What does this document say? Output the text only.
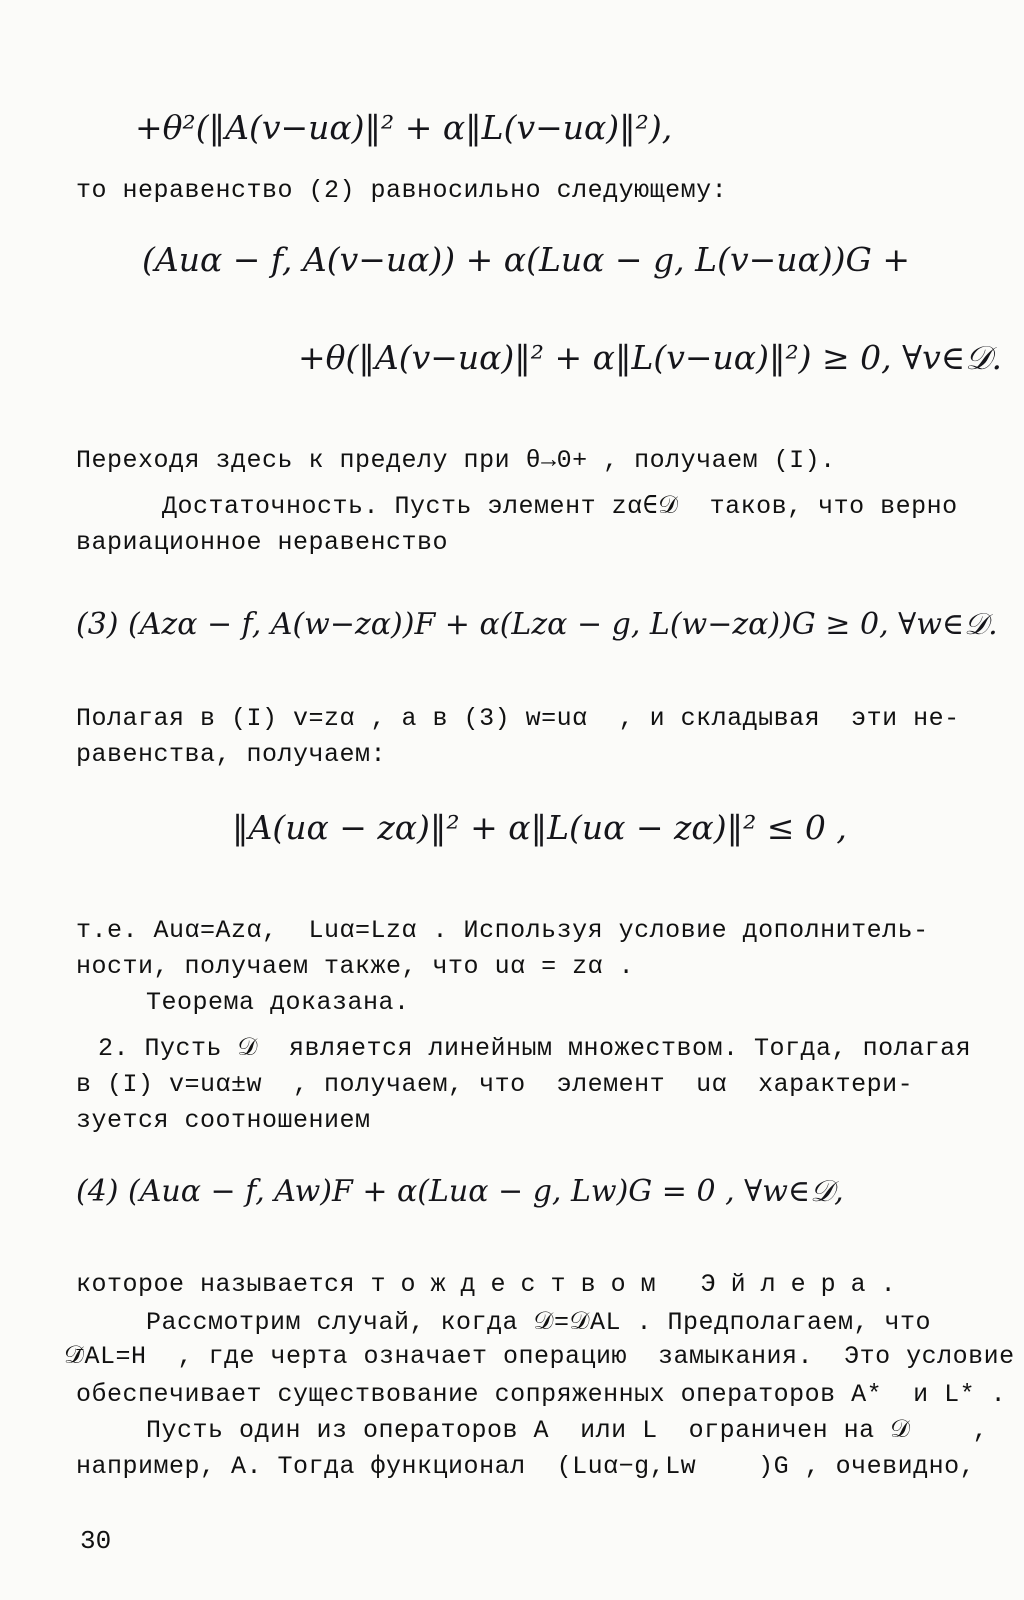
+θ²(‖A(v−uα)‖² + α‖L(v−uα)‖²),
то неравенство (2) равносильно следующему:
(Auα − f, A(v−uα)) + α(Luα − g, L(v−uα))G +
+θ(‖A(v−uα)‖² + α‖L(v−uα)‖²) ≥ 0, ∀v∈𝒟.
Переходя здесь к пределу при θ→0+ , получаем (I).
Достаточность. Пусть элемент zα∈𝒟  таков, что верно
вариационное неравенство
(3) (Azα − f, A(w−zα))F + α(Lzα − g, L(w−zα))G ≥ 0, ∀w∈𝒟.
Полагая в (I) v=zα , а в (3) w=uα  , и складывая  эти не-
равенства, получаем:
‖A(uα − zα)‖² + α‖L(uα − zα)‖² ≤ 0 ,
т.е. Auα=Azα,  Luα=Lzα . Используя условие дополнитель-
ности, получаем также, что uα = zα .
Теорема доказана.
2. Пусть 𝒟  является линейным множеством. Тогда, полагая
в (I) v=uα±w  , получаем, что  элемент  uα  характери-
зуется соотношением
(4) (Auα − f, Aw)F + α(Luα − g, Lw)G = 0 , ∀w∈𝒟,
которое называется тождеством Эйлера.
Рассмотрим случай, когда 𝒟=𝒟AL . Предполагаем, что
𝒟̄AL=H  , где черта означает операцию  замыкания.  Это условие
обеспечивает существование сопряженных операторов A*  и L* .
Пусть один из операторов A  или L  ограничен на 𝒟    ,
например, A. Тогда функционал  (Luα−g,Lw    )G , очевидно,
30
